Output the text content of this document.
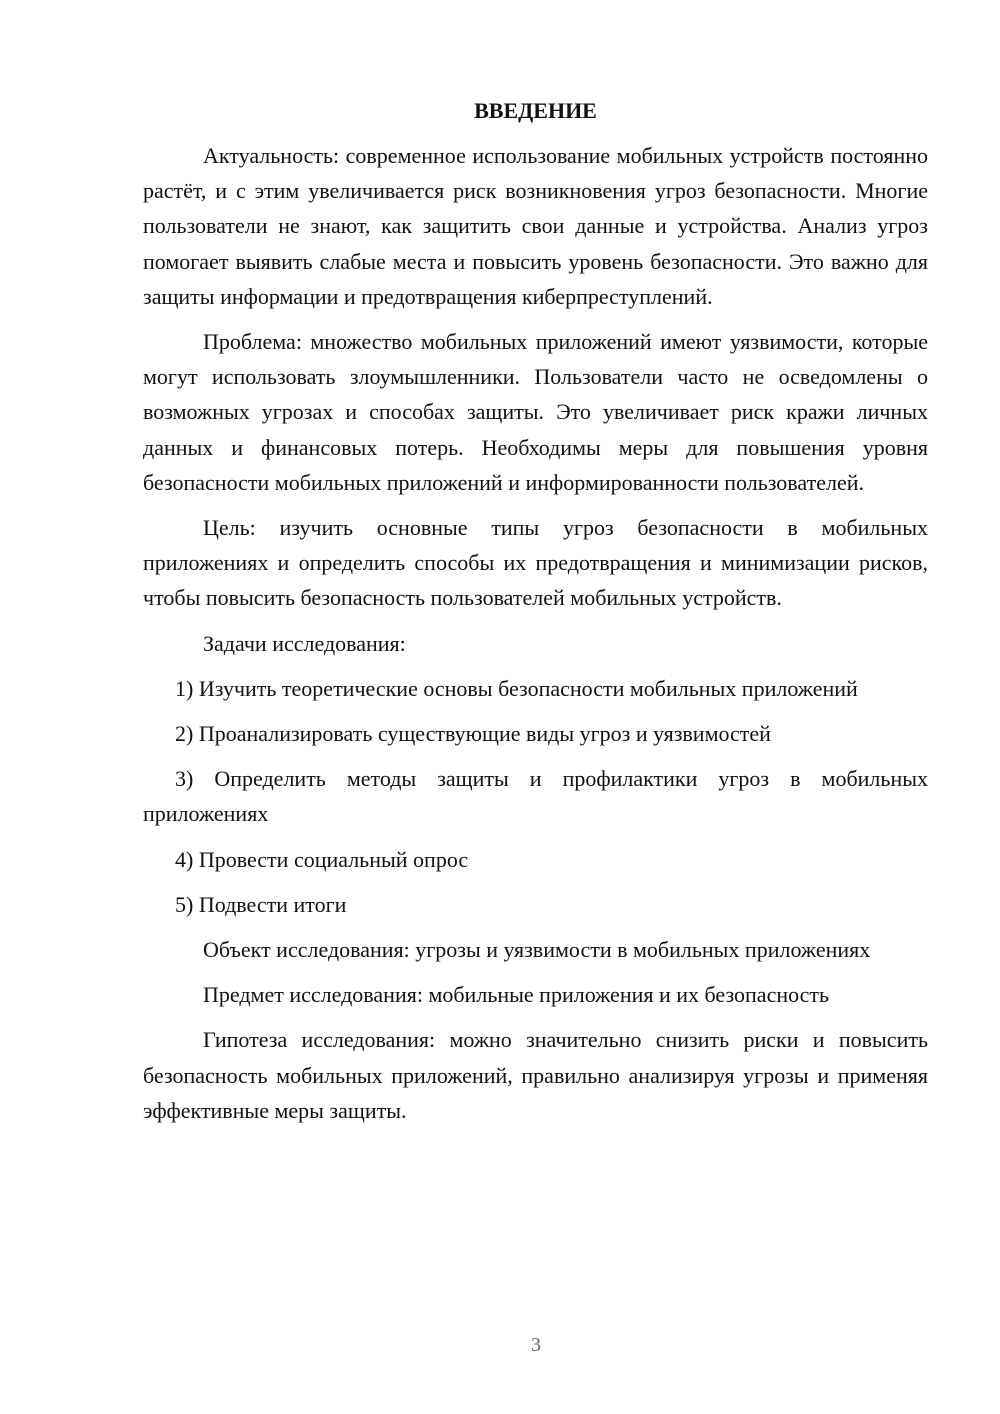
ВВЕДЕНИЕ
Актуальность: современное использование мобильных устройств постоянно растёт, и с этим увеличивается риск возникновения угроз безопасности. Многие пользователи не знают, как защитить свои данные и устройства. Анализ угроз помогает выявить слабые места и повысить уровень безопасности. Это важно для защиты информации и предотвращения киберпреступлений.
Проблема: множество мобильных приложений имеют уязвимости, которые могут использовать злоумышленники. Пользователи часто не осведомлены о возможных угрозах и способах защиты. Это увеличивает риск кражи личных данных и финансовых потерь. Необходимы меры для повышения уровня безопасности мобильных приложений и информированности пользователей.
Цель: изучить основные типы угроз безопасности в мобильных приложениях и определить способы их предотвращения и минимизации рисков, чтобы повысить безопасность пользователей мобильных устройств.
Задачи исследования:
1) Изучить теоретические основы безопасности мобильных приложений
2) Проанализировать существующие виды угроз и уязвимостей
3) Определить методы защиты и профилактики угроз в мобильных приложениях
4) Провести социальный опрос
5) Подвести итоги
Объект исследования: угрозы и уязвимости в мобильных приложениях
Предмет исследования: мобильные приложения и их безопасность
Гипотеза исследования: можно значительно снизить риски и повысить безопасность мобильных приложений, правильно анализируя угрозы и применяя эффективные меры защиты.
3
